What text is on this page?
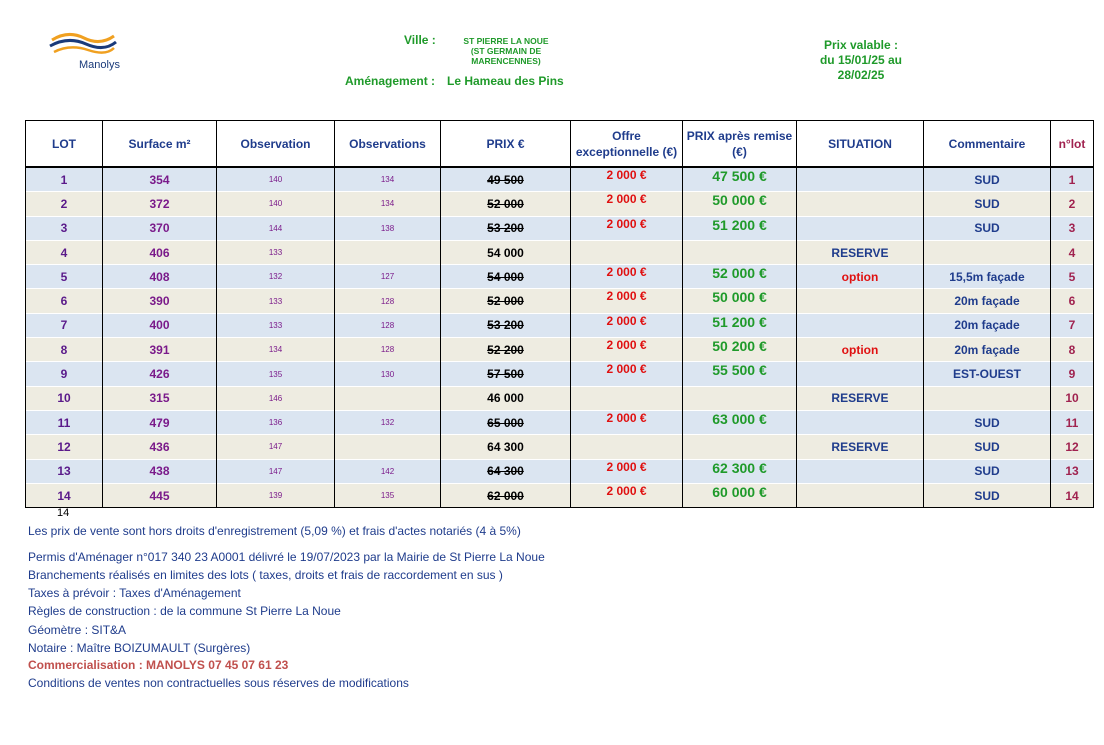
Manolys
Ville :	ST PIERRE LA NOUE
(ST GERMAIN DE
MARENCENNES)
Aménagement : Le Hameau des Pins
Prix valable :
du 15/01/25 au
28/02/25
LOT	Surface m²	Observation	Observations	PRIX €	Offre exceptionnelle (€)	PRIX après remise (€)	SITUATION	Commentaire	n°lot
1	354	140	134	49 500	2 000 €	47 500 €		SUD	1
2	372	140	134	52 000	2 000 €	50 000 €		SUD	2
3	370	144	138	53 200	2 000 €	51 200 €		SUD	3
4	406	133		54 000			RESERVE		4
5	408	132	127	54 000	2 000 €	52 000 €	option	15,5m façade	5
6	390	133	128	52 000	2 000 €	50 000 €		20m façade	6
7	400	133	128	53 200	2 000 €	51 200 €		20m façade	7
8	391	134	128	52 200	2 000 €	50 200 €	option	20m façade	8
9	426	135	130	57 500	2 000 €	55 500 €		EST-OUEST	9
10	315	146		46 000			RESERVE		10
11	479	136	132	65 000	2 000 €	63 000 €		SUD	11
12	436	147		64 300			RESERVE	SUD	12
13	438	147	142	64 300	2 000 €	62 300 €		SUD	13
14	445	139	135	62 000	2 000 €	60 000 €		SUD	14
14
Les prix de vente sont hors droits d'enregistrement (5,09 %) et frais d'actes notariés (4 à 5%)
Permis d'Aménager n°017 340 23 A0001 délivré le 19/07/2023 par la Mairie de St Pierre La Noue
Branchements réalisés en limites des lots ( taxes, droits et frais de raccordement en sus )
Taxes à prévoir : Taxes d'Aménagement
Règles de construction : de la commune St Pierre La Noue
Géomètre : SIT&A
Notaire : Maître BOIZUMAULT (Surgères)
Commercialisation : MANOLYS 07 45 07 61 23
Conditions de ventes non contractuelles sous réserves de modifications
